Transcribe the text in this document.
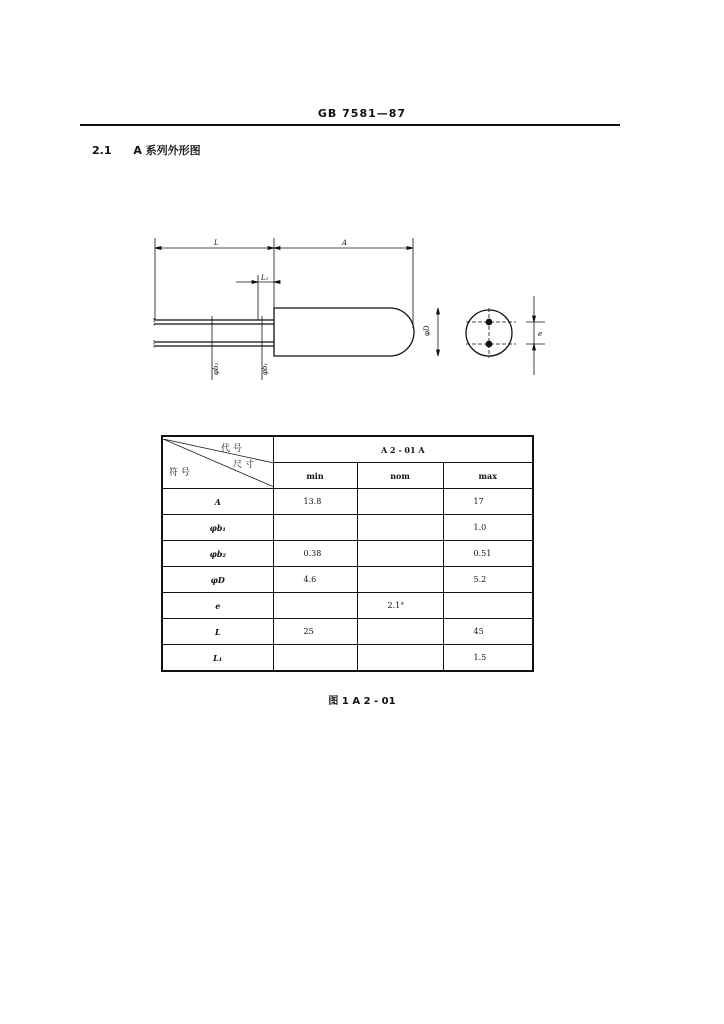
GB 7581—87
2.1 A 系列外形图
L	A
L₁
φD
φb₂	φb₁
e
代 号
尺 寸
符 号	A 2 - 01 A		
	min	nom	max
A	13.8		17
φb₁			1.0
φb₂	0.38		0.51
φD	4.6		5.2
e		2.1°	
L	25		45
L₁			1.5
图 1 A 2 - 01
